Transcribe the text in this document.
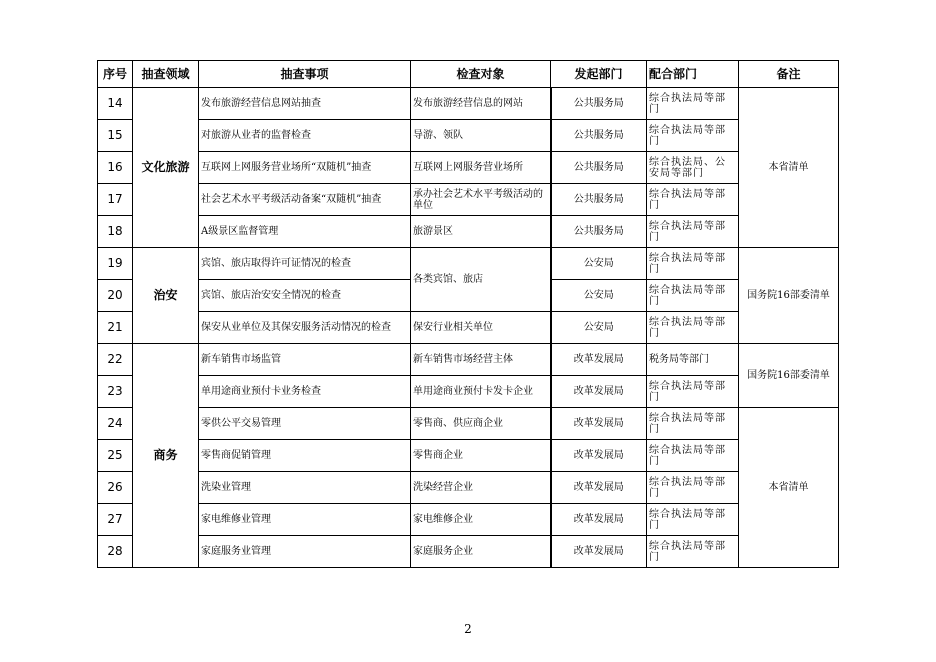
序号	抽查领域	抽查事项	检查对象	发起部门	配合部门	备注
14	文化旅游	发布旅游经营信息网站抽查	发布旅游经营信息的网站	公共服务局	综合执法局等部门	本省清单
15		对旅游从业者的监督检查	导游、领队	公共服务局	综合执法局等部门	
16		互联网上网服务营业场所“双随机”抽查	互联网上网服务营业场所	公共服务局	综合执法局、公安局等部门	
17		社会艺术水平考级活动备案“双随机”抽查	承办社会艺术水平考级活动的单位	公共服务局	综合执法局等部门	
18		A级景区监督管理	旅游景区	公共服务局	综合执法局等部门	
19	治安	宾馆、旅店取得许可证情况的检查	各类宾馆、旅店	公安局	综合执法局等部门	国务院16部委清单
20		宾馆、旅店治安安全情况的检查		公安局	综合执法局等部门	
21		保安从业单位及其保安服务活动情况的检查	保安行业相关单位	公安局	综合执法局等部门	
22	商务	新车销售市场监管	新车销售市场经营主体	改革发展局	税务局等部门	国务院16部委清单
23		单用途商业预付卡业务检查	单用途商业预付卡发卡企业	改革发展局	综合执法局等部门	
24		零供公平交易管理	零售商、供应商企业	改革发展局	综合执法局等部门	本省清单
25		零售商促销管理	零售商企业	改革发展局	综合执法局等部门	
26		洗染业管理	洗染经营企业	改革发展局	综合执法局等部门	
27		家电维修业管理	家电维修企业	改革发展局	综合执法局等部门	
28		家庭服务业管理	家庭服务企业	改革发展局	综合执法局等部门	
2
